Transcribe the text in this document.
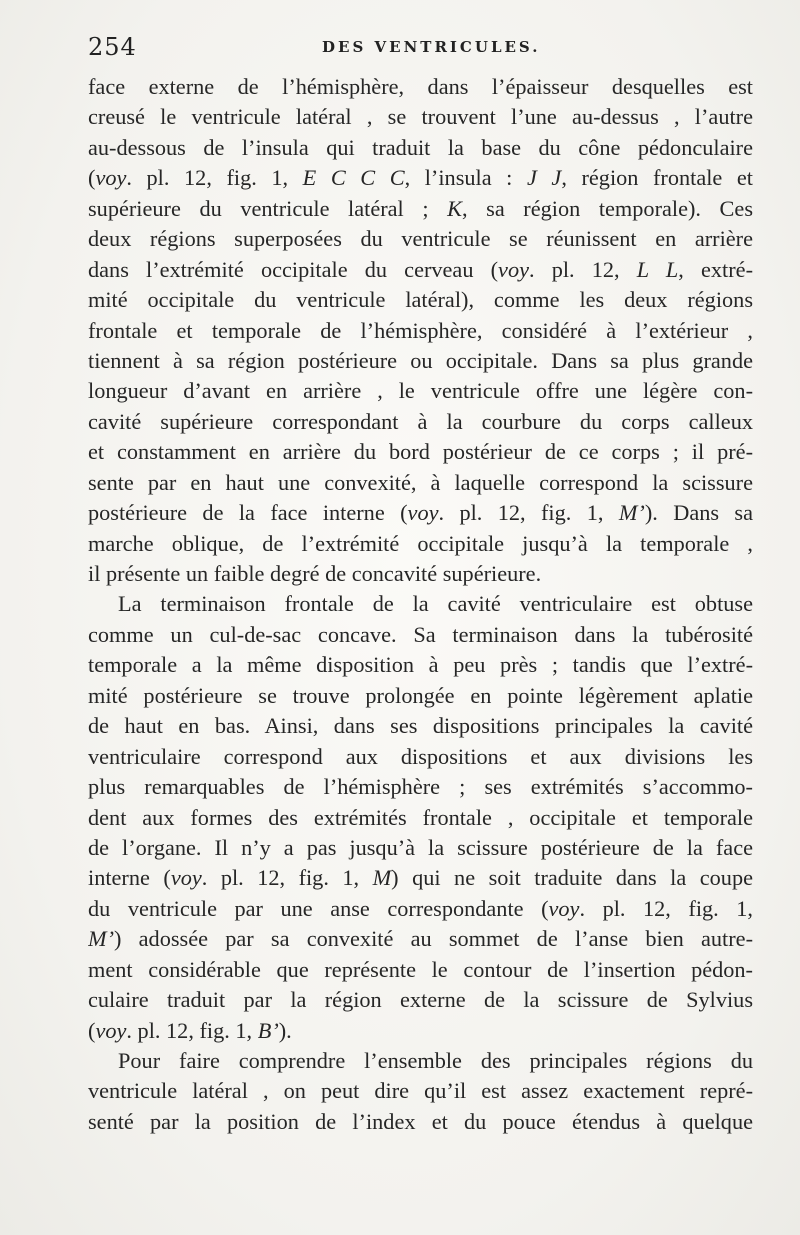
254	DES VENTRICULES.
face externe de l’hémisphère, dans l’épaisseur desquelles est
creusé le ventricule latéral , se trouvent l’une au-dessus , l’autre
au-dessous de l’insula qui traduit la base du cône pédonculaire
(voy. pl. 12, fig. 1, E C C C, l’insula : J J, région frontale et
supérieure du ventricule latéral ; K, sa région temporale). Ces
deux régions superposées du ventricule se réunissent en arrière
dans l’extrémité occipitale du cerveau (voy. pl. 12, L L, extré-
mité occipitale du ventricule latéral), comme les deux régions
frontale et temporale de l’hémisphère, considéré à l’extérieur ,
tiennent à sa région postérieure ou occipitale. Dans sa plus grande
longueur d’avant en arrière , le ventricule offre une légère con-
cavité supérieure correspondant à la courbure du corps calleux
et constamment en arrière du bord postérieur de ce corps ; il pré-
sente par en haut une convexité, à laquelle correspond la scissure
postérieure de la face interne (voy. pl. 12, fig. 1, M’). Dans sa
marche oblique, de l’extrémité occipitale jusqu’à la temporale ,
il présente un faible degré de concavité supérieure.
La terminaison frontale de la cavité ventriculaire est obtuse
comme un cul-de-sac concave. Sa terminaison dans la tubérosité
temporale a la même disposition à peu près ; tandis que l’extré-
mité postérieure se trouve prolongée en pointe légèrement aplatie
de haut en bas. Ainsi, dans ses dispositions principales la cavité
ventriculaire correspond aux dispositions et aux divisions les
plus remarquables de l’hémisphère ; ses extrémités s’accommo-
dent aux formes des extrémités frontale , occipitale et temporale
de l’organe. Il n’y a pas jusqu’à la scissure postérieure de la face
interne (voy. pl. 12, fig. 1, M) qui ne soit traduite dans la coupe
du ventricule par une anse correspondante (voy. pl. 12, fig. 1,
M’) adossée par sa convexité au sommet de l’anse bien autre-
ment considérable que représente le contour de l’insertion pédon-
culaire traduit par la région externe de la scissure de Sylvius
(voy. pl. 12, fig. 1, B’).
Pour faire comprendre l’ensemble des principales régions du
ventricule latéral , on peut dire qu’il est assez exactement repré-
senté par la position de l’index et du pouce étendus à quelque
